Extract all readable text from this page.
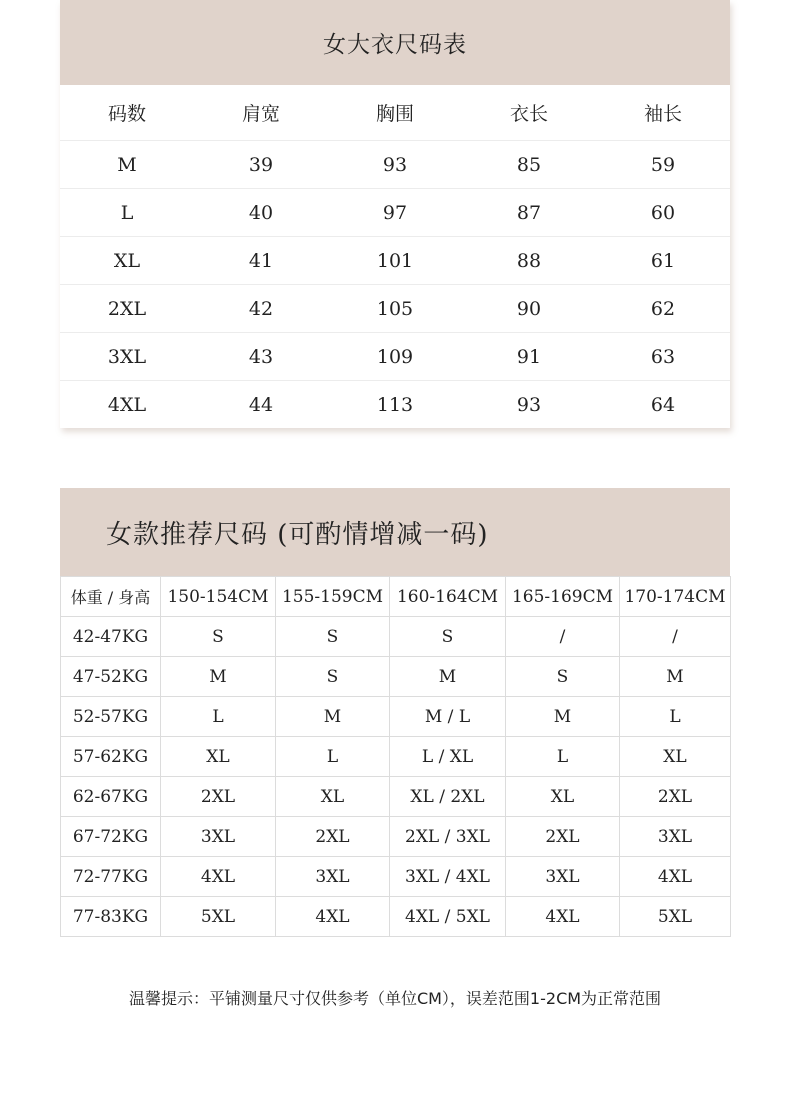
女大衣尺码表
码数	肩宽	胸围	衣长	袖长
M	39	93	85	59
L	40	97	87	60
XL	41	101	88	61
2XL	42	105	90	62
3XL	43	109	91	63
4XL	44	113	93	64
女款推荐尺码 (可酌情增减一码)
体重 / 身高	150-154CM	155-159CM	160-164CM	165-169CM	170-174CM
42-47KG	S	S	S	/	/
47-52KG	M	S	M	S	M
52-57KG	L	M	M / L	M	L
57-62KG	XL	L	L / XL	L	XL
62-67KG	2XL	XL	XL / 2XL	XL	2XL
67-72KG	3XL	2XL	2XL / 3XL	2XL	3XL
72-77KG	4XL	3XL	3XL / 4XL	3XL	4XL
77-83KG	5XL	4XL	4XL / 5XL	4XL	5XL
温馨提示：平铺测量尺寸仅供参考（单位CM），误差范围1-2CM为正常范围
